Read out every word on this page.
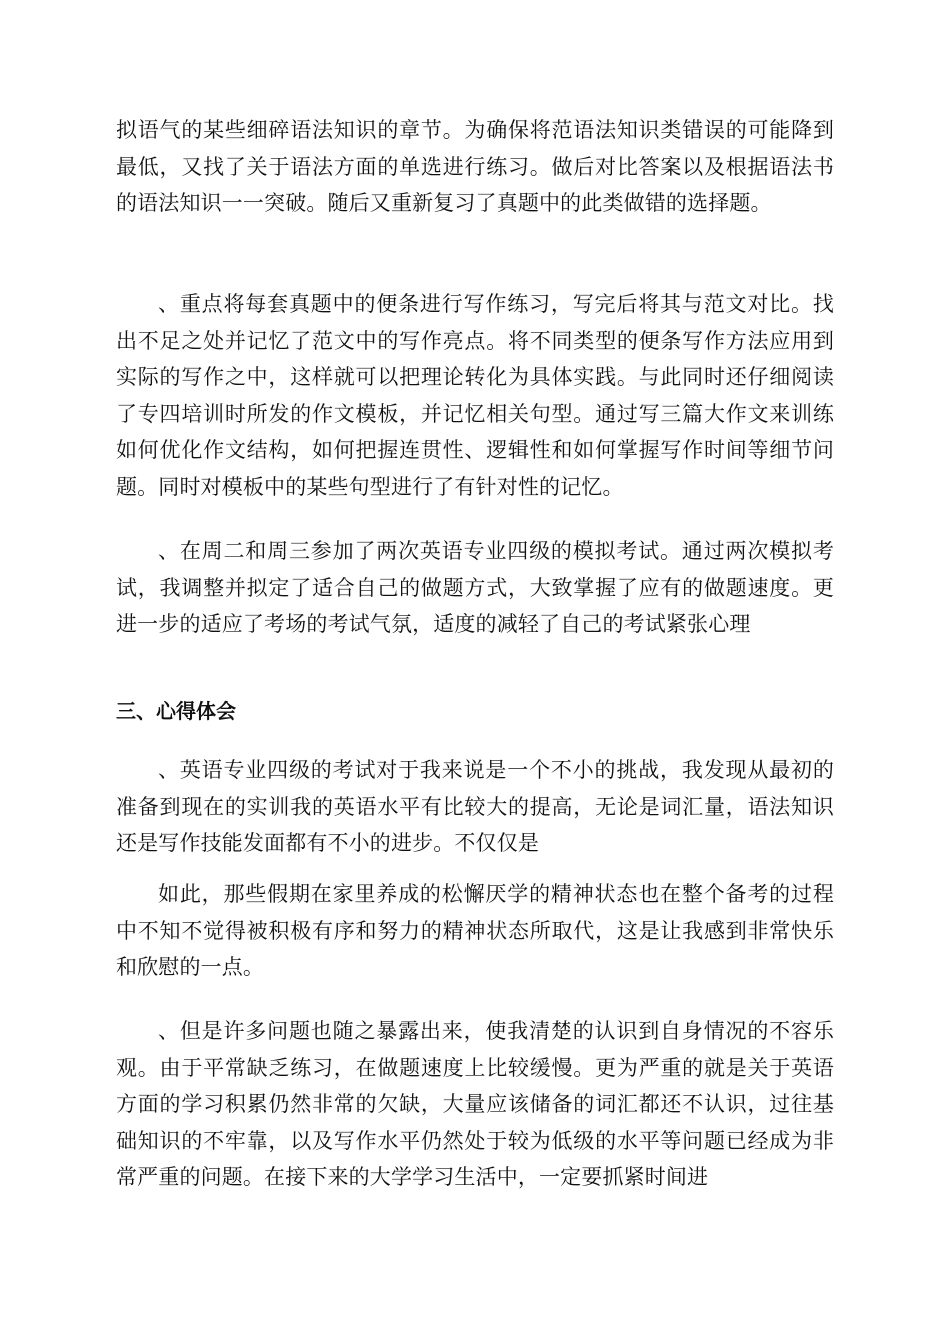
拟语气的某些细碎语法知识的章节。为确保将范语法知识类错误的可能降到最低，又找了关于语法方面的单选进行练习。做后对比答案以及根据语法书的语法知识一一突破。随后又重新复习了真题中的此类做错的选择题。

、重点将每套真题中的便条进行写作练习，写完后将其与范文对比。找出不足之处并记忆了范文中的写作亮点。将不同类型的便条写作方法应用到实际的写作之中，这样就可以把理论转化为具体实践。与此同时还仔细阅读了专四培训时所发的作文模板，并记忆相关句型。通过写三篇大作文来训练如何优化作文结构，如何把握连贯性、逻辑性和如何掌握写作时间等细节问题。同时对模板中的某些句型进行了有针对性的记忆。

、在周二和周三参加了两次英语专业四级的模拟考试。通过两次模拟考试，我调整并拟定了适合自己的做题方式，大致掌握了应有的做题速度。更进一步的适应了考场的考试气氛，适度的减轻了自己的考试紧张心理

三、心得体会

、英语专业四级的考试对于我来说是一个不小的挑战，我发现从最初的准备到现在的实训我的英语水平有比较大的提高，无论是词汇量，语法知识还是写作技能发面都有不小的进步。不仅仅是

如此，那些假期在家里养成的松懈厌学的精神状态也在整个备考的过程中不知不觉得被积极有序和努力的精神状态所取代，这是让我感到非常快乐和欣慰的一点。

、但是许多问题也随之暴露出来，使我清楚的认识到自身情况的不容乐观。由于平常缺乏练习，在做题速度上比较缓慢。更为严重的就是关于英语方面的学习积累仍然非常的欠缺，大量应该储备的词汇都还不认识，过往基础知识的不牢靠，以及写作水平仍然处于较为低级的水平等问题已经成为非常严重的问题。在接下来的大学学习生活中，一定要抓紧时间进
